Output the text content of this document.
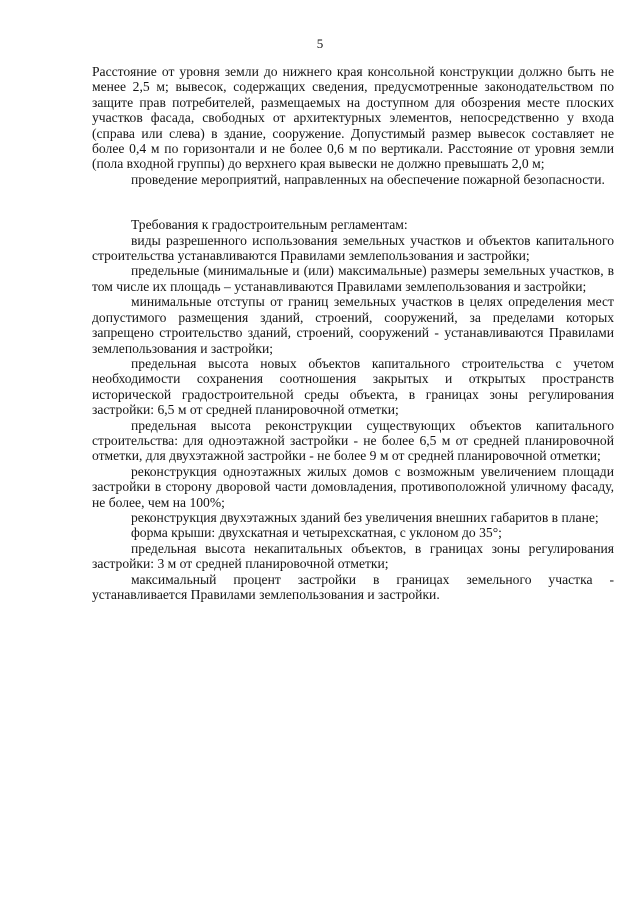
5

Расстояние от уровня земли до нижнего края консольной конструкции должно быть не менее 2,5 м; вывесок, содержащих сведения, предусмотренные законодательством по защите прав потребителей, размещаемых на доступном для обозрения месте плоских участков фасада, свободных от архитектурных элементов, непосредственно у входа (справа или слева) в здание, сооружение. Допустимый размер вывесок составляет не более 0,4 м по горизонтали и не более 0,6 м по вертикали. Расстояние от уровня земли (пола входной группы) до верхнего края вывески не должно превышать 2,0 м;

проведение мероприятий, направленных на обеспечение пожарной безопасности.

Требования к градостроительным регламентам:

виды разрешенного использования земельных участков и объектов капитального строительства устанавливаются Правилами землепользования и застройки;

предельные (минимальные и (или) максимальные) размеры земельных участков, в том числе их площадь – устанавливаются Правилами землепользования и застройки;

минимальные отступы от границ земельных участков в целях определения мест допустимого размещения зданий, строений, сооружений, за пределами которых запрещено строительство зданий, строений, сооружений - устанавливаются Правилами землепользования и застройки;

предельная высота новых объектов капитального строительства с учетом необходимости сохранения соотношения закрытых и открытых пространств исторической градостроительной среды объекта, в границах зоны регулирования застройки: 6,5 м от средней планировочной отметки;

предельная высота реконструкции существующих объектов капитального строительства: для одноэтажной застройки - не более 6,5 м от средней планировочной отметки, для двухэтажной застройки - не более 9 м от средней планировочной отметки;

реконструкция одноэтажных жилых домов с возможным увеличением площади застройки в сторону дворовой части домовладения, противоположной уличному фасаду, не более, чем на 100%;

реконструкция двухэтажных зданий без увеличения внешних габаритов в плане;

форма крыши: двухскатная и четырехскатная, с уклоном до 35°;

предельная высота некапитальных объектов, в границах зоны регулирования застройки: 3 м от средней планировочной отметки;

максимальный процент застройки в границах земельного участка - устанавливается Правилами землепользования и застройки.
